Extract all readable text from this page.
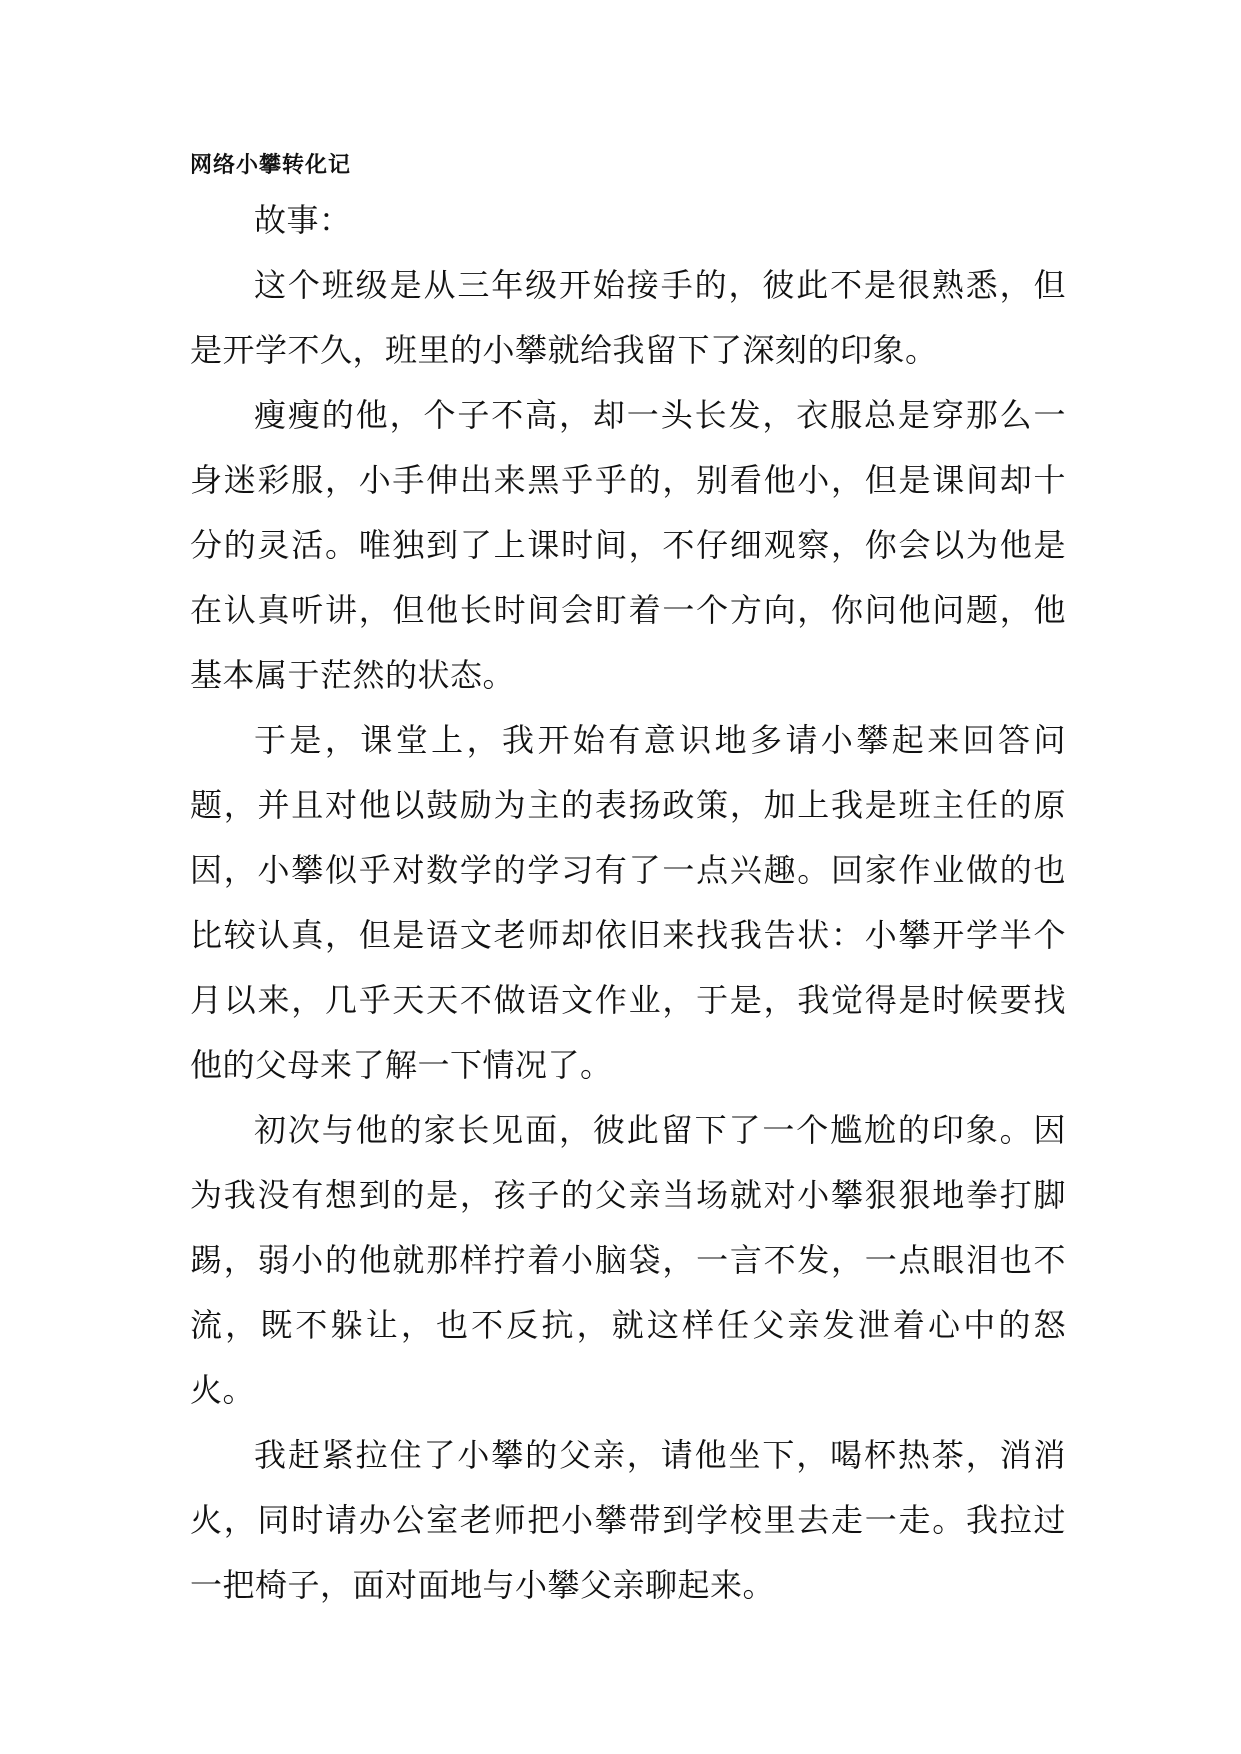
网络小攀转化记

故事：

这个班级是从三年级开始接手的，彼此不是很熟悉，但是开学不久，班里的小攀就给我留下了深刻的印象。

瘦瘦的他，个子不高，却一头长发，衣服总是穿那么一身迷彩服，小手伸出来黑乎乎的，别看他小，但是课间却十分的灵活。唯独到了上课时间，不仔细观察，你会以为他是在认真听讲，但他长时间会盯着一个方向，你问他问题，他基本属于茫然的状态。

于是，课堂上，我开始有意识地多请小攀起来回答问题，并且对他以鼓励为主的表扬政策，加上我是班主任的原因，小攀似乎对数学的学习有了一点兴趣。回家作业做的也比较认真，但是语文老师却依旧来找我告状：小攀开学半个月以来，几乎天天不做语文作业，于是，我觉得是时候要找他的父母来了解一下情况了。

初次与他的家长见面，彼此留下了一个尴尬的印象。因为我没有想到的是，孩子的父亲当场就对小攀狠狠地拳打脚踢，弱小的他就那样拧着小脑袋，一言不发，一点眼泪也不流，既不躲让，也不反抗，就这样任父亲发泄着心中的怒火。

我赶紧拉住了小攀的父亲，请他坐下，喝杯热茶，消消火，同时请办公室老师把小攀带到学校里去走一走。我拉过一把椅子，面对面地与小攀父亲聊起来。
